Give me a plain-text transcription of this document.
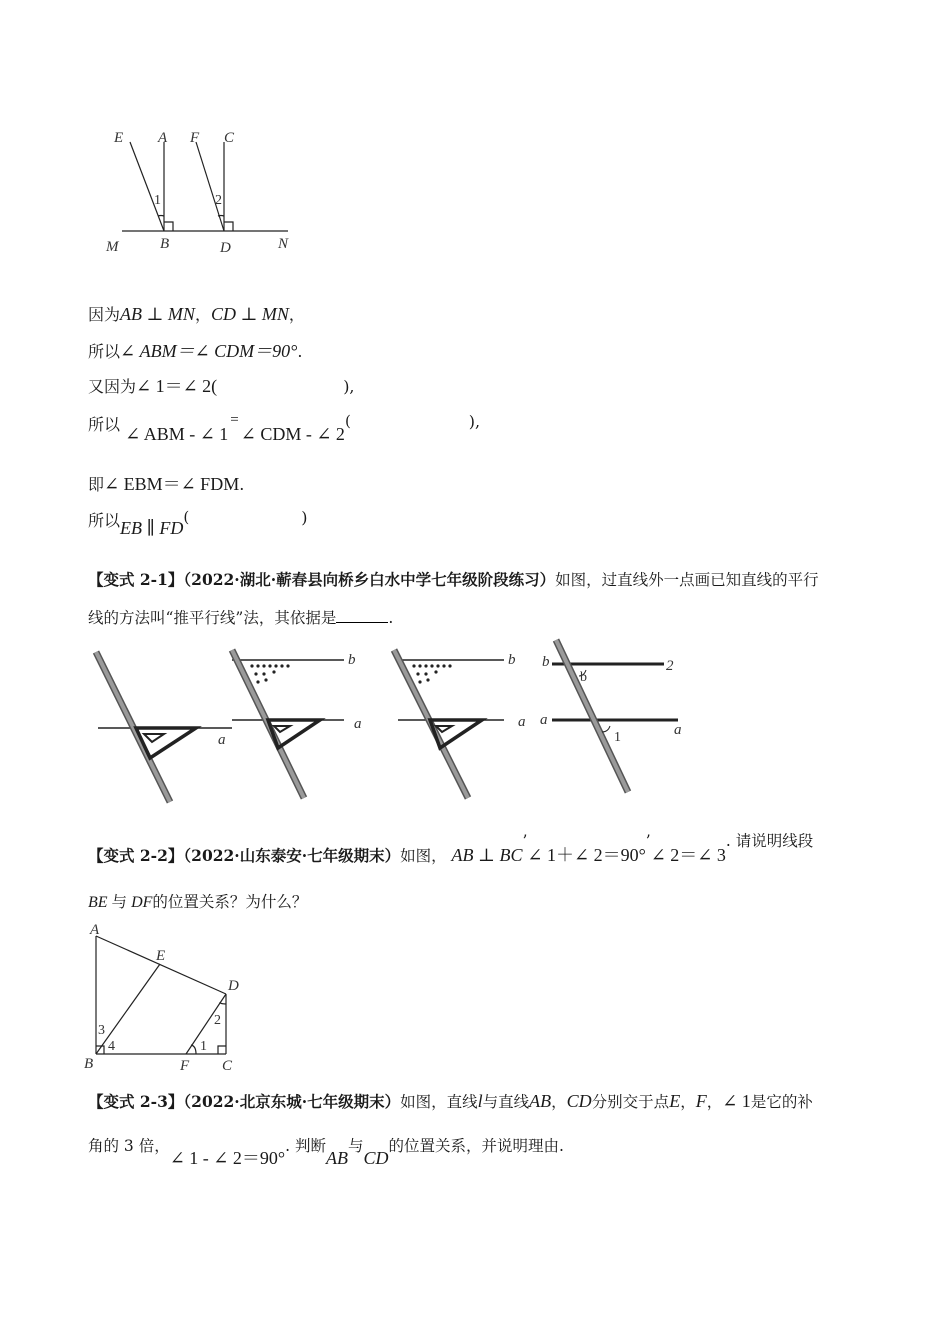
E A F C
1	2
M	B	D	N
因为AB ⊥ MN，CD ⊥ MN，
所以∠ ABM＝∠ CDM＝90°.
又因为∠ 1＝∠ 2(	),
所以 ∠ ABM - ∠ 1=∠ CDM - ∠ 2(	),
即∠ EBM＝∠ FDM.
所以EB ∥ FD(	)
【变式 2-1】（2022·湖北·蕲春县向桥乡白水中学七年级阶段练习）如图，过直线外一点画已知直线的平行
线的方法叫“推平行线”法，其依据是	.
a
b
a
b
a
b
b
2
a
1	a
【变式 2-2】（2022·山东泰安·七年级期末）如图， AB ⊥ BC’∠ 1＋∠ 2＝90°’∠ 2＝∠ 3. 请说明线段
BE 与 DF的位置关系？为什么？
A
E
D
2
3
4
B	F
1
C
【变式 2-3】（2022·北京东城·七年级期末）如图，直线l与直线AB，CD分别交于点E，F，∠ 1是它的补
角的 3 倍，∠ 1 - ∠ 2＝90°. 判断AB与CD的位置关系，并说明理由.
